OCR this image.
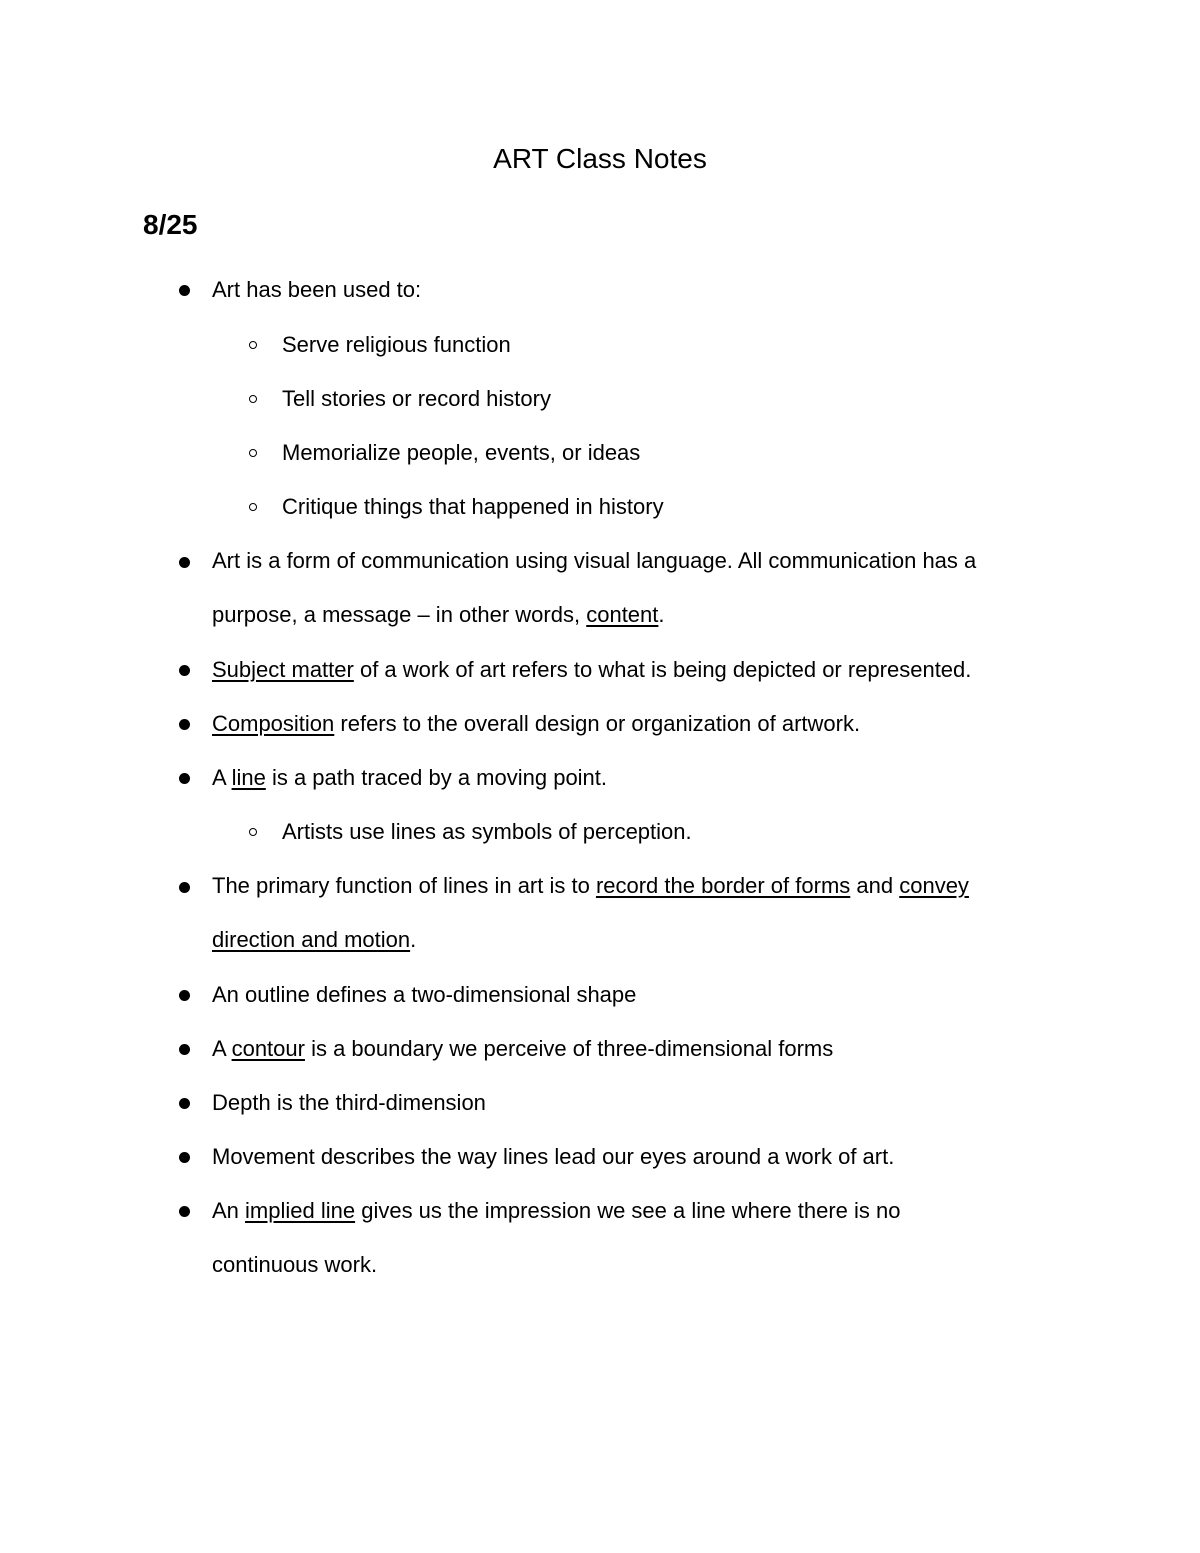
ART Class Notes
8/25
Art has been used to:
Serve religious function
Tell stories or record history
Memorialize people, events, or ideas
Critique things that happened in history
Art is a form of communication using visual language. All communication has a
purpose, a message – in other words, content.
Subject matter of a work of art refers to what is being depicted or represented.
Composition refers to the overall design or organization of artwork.
A line is a path traced by a moving point.
Artists use lines as symbols of perception.
The primary function of lines in art is to record the border of forms and convey
direction and motion.
An outline defines a two-dimensional shape
A contour is a boundary we perceive of three-dimensional forms
Depth is the third-dimension
Movement describes the way lines lead our eyes around a work of art.
An implied line gives us the impression we see a line where there is no
continuous work.
